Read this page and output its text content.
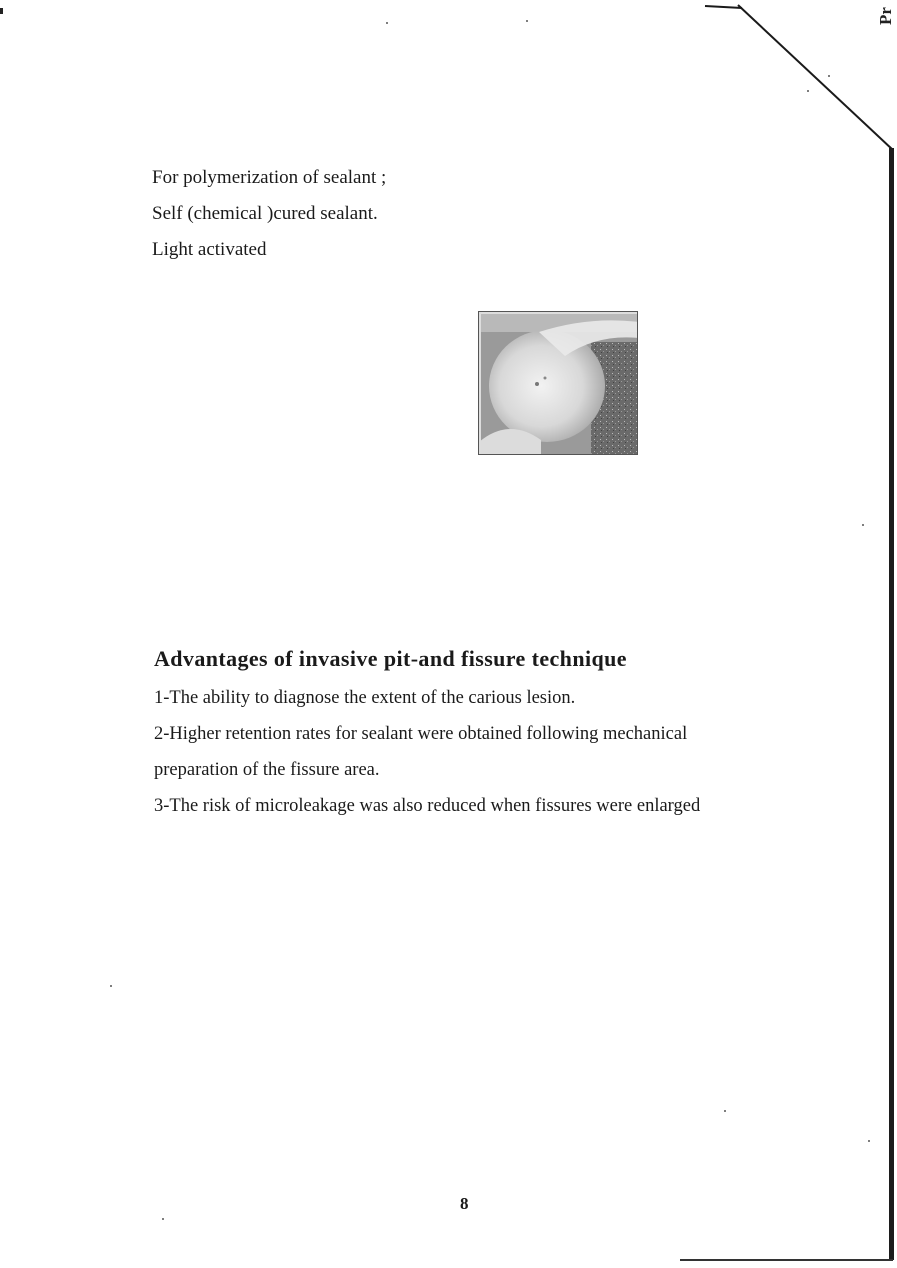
Pr
For polymerization of sealant ;
Self (chemical )cured sealant.
Light activated
Advantages of invasive pit-and fissure technique
1-The ability to diagnose the extent of the carious lesion.
2-Higher retention rates for sealant were obtained following mechanical
preparation of the fissure area.
3-The risk of microleakage was also reduced when fissures were enlarged
8
